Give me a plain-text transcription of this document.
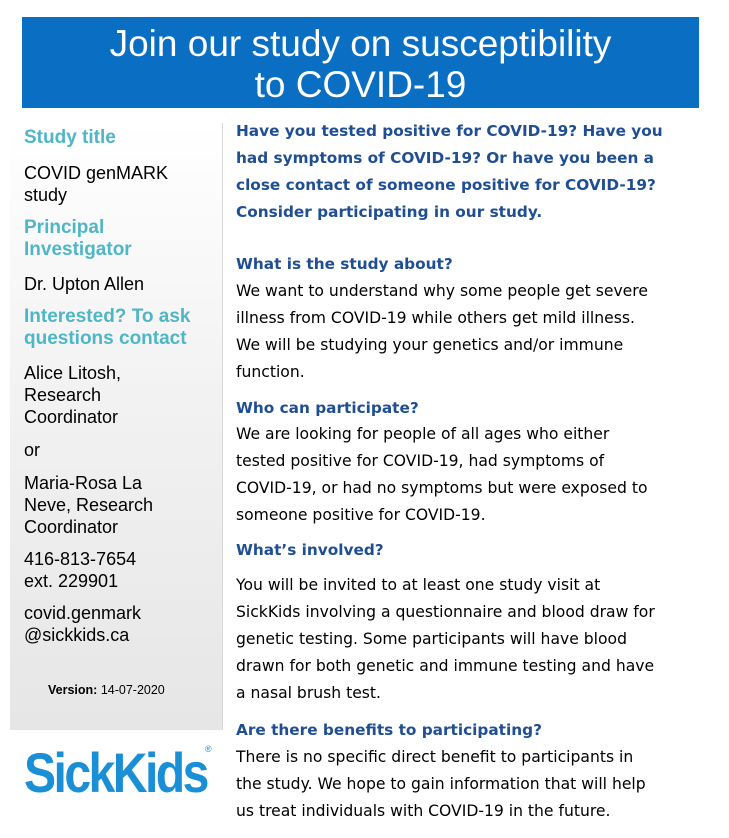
Join our study on susceptibility
to COVID-19
Study title
COVID genMARK
study
Principal
Investigator
Dr. Upton Allen
Interested? To ask
questions contact
Alice Litosh,
Research
Coordinator
or
Maria-Rosa La
Neve, Research
Coordinator
416-813-7654
ext. 229901
covid.genmark
@sickkids.ca
Version: 14-07-2020
SickKids
®
Have you tested positive for COVID-19? Have you
had symptoms of COVID-19? Or have you been a
close contact of someone positive for COVID-19?
Consider participating in our study.
What is the study about?
We want to understand why some people get severe
illness from COVID-19 while others get mild illness.
We will be studying your genetics and/or immune
function.
Who can participate?
We are looking for people of all ages who either
tested positive for COVID-19, had symptoms of
COVID-19, or had no symptoms but were exposed to
someone positive for COVID-19.
What’s involved?
You will be invited to at least one study visit at
SickKids involving a questionnaire and blood draw for
genetic testing. Some participants will have blood
drawn for both genetic and immune testing and have
a nasal brush test.
Are there benefits to participating?
There is no specific direct benefit to participants in
the study. We hope to gain information that will help
us treat individuals with COVID-19 in the future.
